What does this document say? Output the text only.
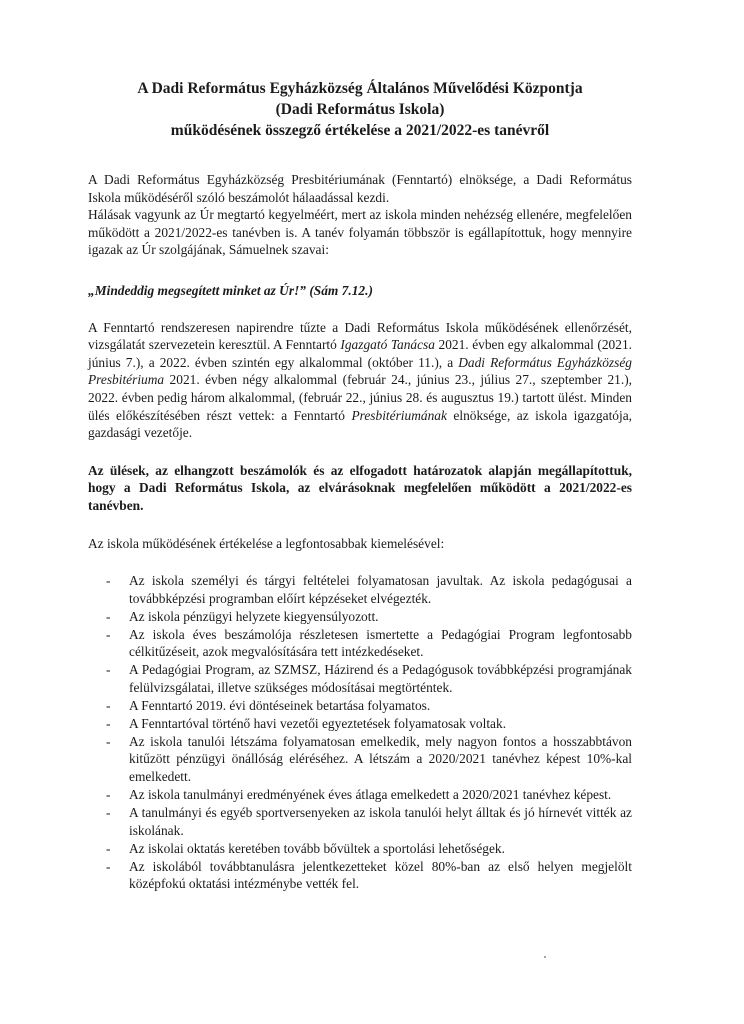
A Dadi Református Egyházközség Általános Művelődési Központja
(Dadi Református Iskola)
működésének összegző értékelése a 2021/2022-es tanévről

A Dadi Református Egyházközség Presbitériumának (Fenntartó) elnöksége, a Dadi Református Iskola működéséről szóló beszámolót hálaadással kezdi.

Hálásak vagyunk az Úr megtartó kegyelméért, mert az iskola minden nehézség ellenére, megfelelően működött a 2021/2022-es tanévben is. A tanév folyamán többször is egállapítottuk, hogy mennyire igazak az Úr szolgájának, Sámuelnek szavai:

„Mindeddig megsegített minket az Úr!” (Sám 7.12.)

A Fenntartó rendszeresen napirendre tűzte a Dadi Református Iskola működésének ellenőrzését, vizsgálatát szervezetein keresztül. A Fenntartó Igazgató Tanácsa 2021. évben egy alkalommal (2021. június 7.), a 2022. évben szintén egy alkalommal (október 11.), a Dadi Református Egyházközség Presbitériuma 2021. évben négy alkalommal (február 24., június 23., július 27., szeptember 21.), 2022. évben pedig három alkalommal, (február 22., június 28. és augusztus 19.) tartott ülést. Minden ülés előkészítésében részt vettek: a Fenntartó Presbitériumának elnöksége, az iskola igazgatója, gazdasági vezetője.

Az ülések, az elhangzott beszámolók és az elfogadott határozatok alapján megállapítottuk, hogy a Dadi Református Iskola, az elvárásoknak megfelelően működött a 2021/2022-es tanévben.

Az iskola működésének értékelése a legfontosabbak kiemelésével:

- Az iskola személyi és tárgyi feltételei folyamatosan javultak. Az iskola pedagógusai a továbbképzési programban előírt képzéseket elvégezték.
- Az iskola pénzügyi helyzete kiegyensúlyozott.
- Az iskola éves beszámolója részletesen ismertette a Pedagógiai Program legfontosabb célkitűzéseit, azok megvalósítására tett intézkedéseket.
- A Pedagógiai Program, az SZMSZ, Házirend és a Pedagógusok továbbképzési programjának felülvizsgálatai, illetve szükséges módosításai megtörténtek.
- A Fenntartó 2019. évi döntéseinek betartása folyamatos.
- A Fenntartóval történő havi vezetői egyeztetések folyamatosak voltak.
- Az iskola tanulói létszáma folyamatosan emelkedik, mely nagyon fontos a hosszabbtávon kitűzött pénzügyi önállóság eléréséhez. A létszám a 2020/2021 tanévhez képest 10%-kal emelkedett.
- Az iskola tanulmányi eredményének éves átlaga emelkedett a 2020/2021 tanévhez képest.
- A tanulmányi és egyéb sportversenyeken az iskola tanulói helyt álltak és jó hírnevét vitték az iskolának.
- Az iskolai oktatás keretében tovább bővültek a sportolási lehetőségek.
- Az iskolából továbbtanulásra jelentkezetteket közel 80%-ban az első helyen megjelölt középfokú oktatási intézménybe vették fel.
